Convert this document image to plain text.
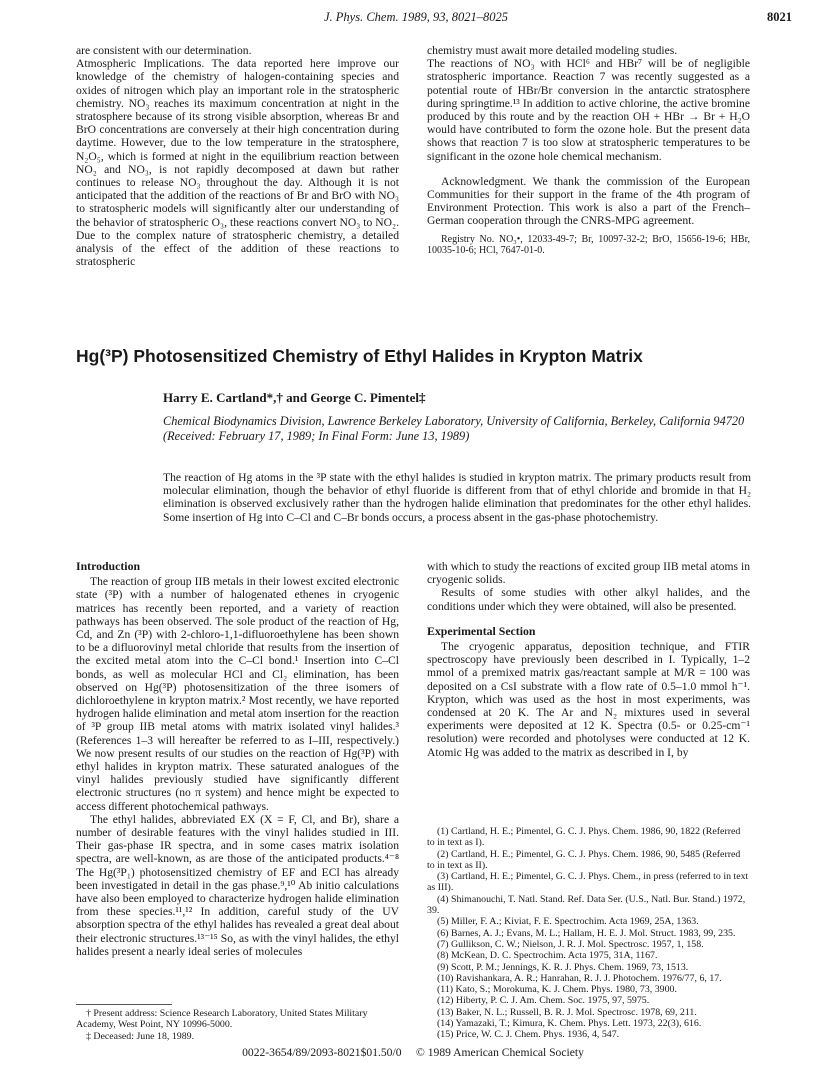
J. Phys. Chem. 1989, 93, 8021–8025	8021

are consistent with our determination.
Atmospheric Implications. The data reported here improve our knowledge of the chemistry of halogen-containing species and oxides of nitrogen which play an important role in the stratospheric chemistry. NO₃ reaches its maximum concentration at night in the stratosphere because of its strong visible absorption, whereas Br and BrO concentrations are conversely at their high concentration during daytime. However, due to the low temperature in the stratosphere, N₂O₅, which is formed at night in the equilibrium reaction between NO₂ and NO₃, is not rapidly decomposed at dawn but rather continues to release NO₃ throughout the day. Although it is not anticipated that the addition of the reactions of Br and BrO with NO₃ to stratospheric models will significantly alter our understanding of the behavior of stratospheric O₃, these reactions convert NO₃ to NO₂. Due to the complex nature of stratospheric chemistry, a detailed analysis of the effect of the addition of these reactions to stratospheric

chemistry must await more detailed modeling studies.
The reactions of NO₃ with HCl⁶ and HBr⁷ will be of negligible stratospheric importance. Reaction 7 was recently suggested as a potential route of HBr/Br conversion in the antarctic stratosphere during springtime.¹³ In addition to active chlorine, the active bromine produced by this route and by the reaction OH + HBr → Br + H₂O would have contributed to form the ozone hole. But the present data shows that reaction 7 is too slow at stratospheric temperatures to be significant in the ozone hole chemical mechanism.

Acknowledgment. We thank the commission of the European Communities for their support in the frame of the 4th program of Environment Protection. This work is also a part of the French–German cooperation through the CNRS-MPG agreement.

Registry No. NO₃•, 12033-49-7; Br, 10097-32-2; BrO, 15656-19-6; HBr, 10035-10-6; HCl, 7647-01-0.

Hg(³P) Photosensitized Chemistry of Ethyl Halides in Krypton Matrix
Harry E. Cartland*,† and George C. Pimentel‡
Chemical Biodynamics Division, Lawrence Berkeley Laboratory, University of California, Berkeley, California 94720 (Received: February 17, 1989; In Final Form: June 13, 1989)
The reaction of Hg atoms in the ³P state with the ethyl halides is studied in krypton matrix. The primary products result from molecular elimination, though the behavior of ethyl fluoride is different from that of ethyl chloride and bromide in that H₂ elimination is observed exclusively rather than the hydrogen halide elimination that predominates for the other ethyl halides. Some insertion of Hg into C–Cl and C–Br bonds occurs, a process absent in the gas-phase photochemistry.
Introduction

The reaction of group IIB metals in their lowest excited electronic state (³P) with a number of halogenated ethenes in cryogenic matrices has recently been reported, and a variety of reaction pathways has been observed. The sole product of the reaction of Hg, Cd, and Zn (³P) with 2-chloro-1,1-difluoroethylene has been shown to be a difluorovinyl metal chloride that results from the insertion of the excited metal atom into the C–Cl bond.¹ Insertion into C–Cl bonds, as well as molecular HCl and Cl₂ elimination, has been observed on Hg(³P) photosensitization of the three isomers of dichloroethylene in krypton matrix.² Most recently, we have reported hydrogen halide elimination and metal atom insertion for the reaction of ³P group IIB metal atoms with matrix isolated vinyl halides.³ (References 1–3 will hereafter be referred to as I–III, respectively.) We now present results of our studies on the reaction of Hg(³P) with ethyl halides in krypton matrix. These saturated analogues of the vinyl halides previously studied have significantly different electronic structures (no π system) and hence might be expected to access different photochemical pathways.

The ethyl halides, abbreviated EX (X = F, Cl, and Br), share a number of desirable features with the vinyl halides studied in III. Their gas-phase IR spectra, and in some cases matrix isolation spectra, are well-known, as are those of the anticipated products.⁴⁻⁸ The Hg(³P₁) photosensitized chemistry of EF and ECl has already been investigated in detail in the gas phase.⁹,¹⁰ Ab initio calculations have also been employed to characterize hydrogen halide elimination from these species.¹¹,¹² In addition, careful study of the UV absorption spectra of the ethyl halides has revealed a great deal about their electronic structures.¹³⁻¹⁵ So, as with the vinyl halides, the ethyl halides present a nearly ideal series of molecules

† Present address: Science Research Laboratory, United States Military Academy, West Point, NY 10996-5000.
‡ Deceased: June 18, 1989.

with which to study the reactions of excited group IIB metal atoms in cryogenic solids.

Results of some studies with other alkyl halides, and the conditions under which they were obtained, will also be presented.

Experimental Section

The cryogenic apparatus, deposition technique, and FTIR spectroscopy have previously been described in I. Typically, 1–2 mmol of a premixed matrix gas/reactant sample at M/R = 100 was deposited on a CsI substrate with a flow rate of 0.5–1.0 mmol h⁻¹. Krypton, which was used as the host in most experiments, was condensed at 20 K. The Ar and N₂ mixtures used in several experiments were deposited at 12 K. Spectra (0.5- or 0.25-cm⁻¹ resolution) were recorded and photolyses were conducted at 12 K. Atomic Hg was added to the matrix as described in I, by

(1) Cartland, H. E.; Pimentel, G. C. J. Phys. Chem. 1986, 90, 1822 (Referred to in text as I).

(2) Cartland, H. E.; Pimentel, G. C. J. Phys. Chem. 1986, 90, 5485 (Referred to in text as II).

(3) Cartland, H. E.; Pimentel, G. C. J. Phys. Chem., in press (referred to in text as III).

(4) Shimanouchi, T. Natl. Stand. Ref. Data Ser. (U.S., Natl. Bur. Stand.) 1972, 39.

(5) Miller, F. A.; Kiviat, F. E. Spectrochim. Acta 1969, 25A, 1363.

(6) Barnes, A. J.; Evans, M. L.; Hallam, H. E. J. Mol. Struct. 1983, 99, 235.

(7) Gullikson, C. W.; Nielson, J. R. J. Mol. Spectrosc. 1957, 1, 158.

(8) McKean, D. C. Spectrochim. Acta 1975, 31A, 1167.

(9) Scott, P. M.; Jennings, K. R. J. Phys. Chem. 1969, 73, 1513.

(10) Ravishankara, A. R.; Hanrahan, R. J. J. Photochem. 1976/77, 6, 17.

(11) Kato, S.; Morokuma, K. J. Chem. Phys. 1980, 73, 3900.

(12) Hiberty, P. C. J. Am. Chem. Soc. 1975, 97, 5975.

(13) Baker, N. L.; Russell, B. R. J. Mol. Spectrosc. 1978, 69, 211.

(14) Yamazaki, T.; Kimura, K. Chem. Phys. Lett. 1973, 22(3), 616.

(15) Price, W. C. J. Chem. Phys. 1936, 4, 547.

0022-3654/89/2093-8021$01.50/0 © 1989 American Chemical Society
